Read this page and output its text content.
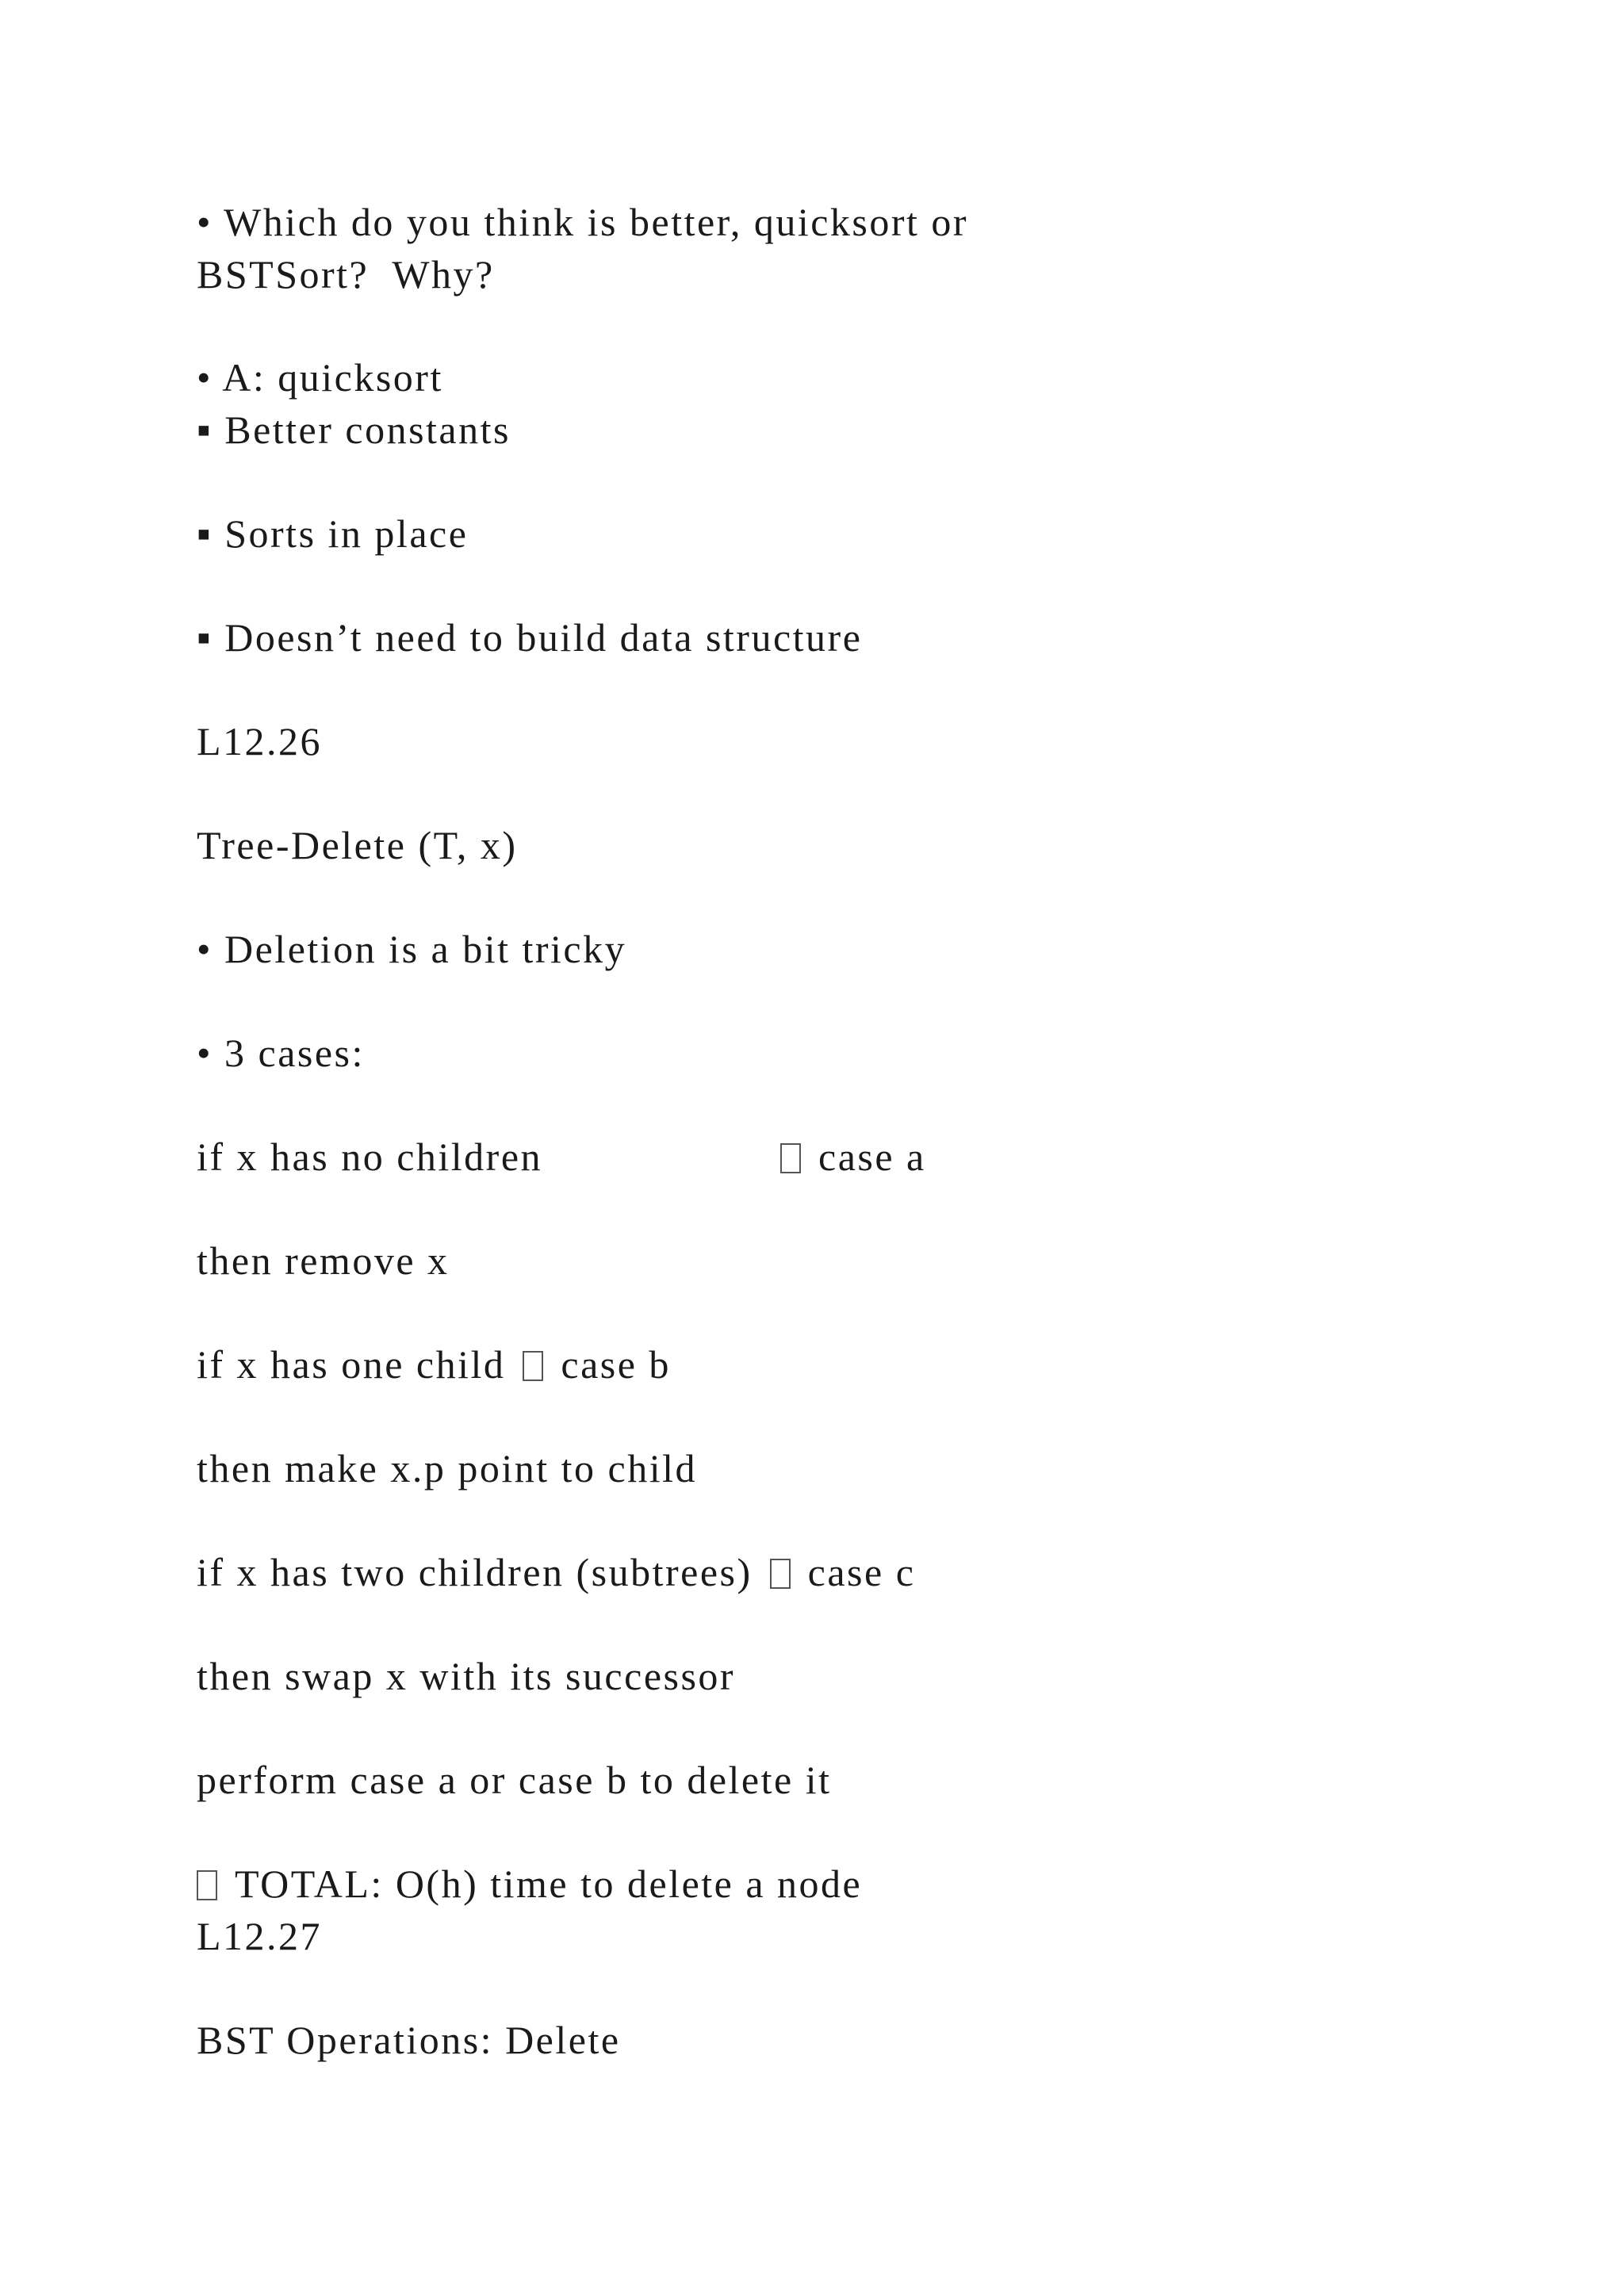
• Which do you think is better, quicksort or
BSTSort?  Why?
• A: quicksort
▪ Better constants
▪ Sorts in place
▪ Doesn’t need to build data structure
L12.26
Tree-Delete (T, x)
• Deletion is a bit tricky
• 3 cases:
if x has no children	case a
then remove x
if x has one child case b
then make x.p point to child
if x has two children (subtrees) case c
then swap x with its successor
perform case a or case b to delete it
TOTAL: O(h) time to delete a node
L12.27
BST Operations: Delete
